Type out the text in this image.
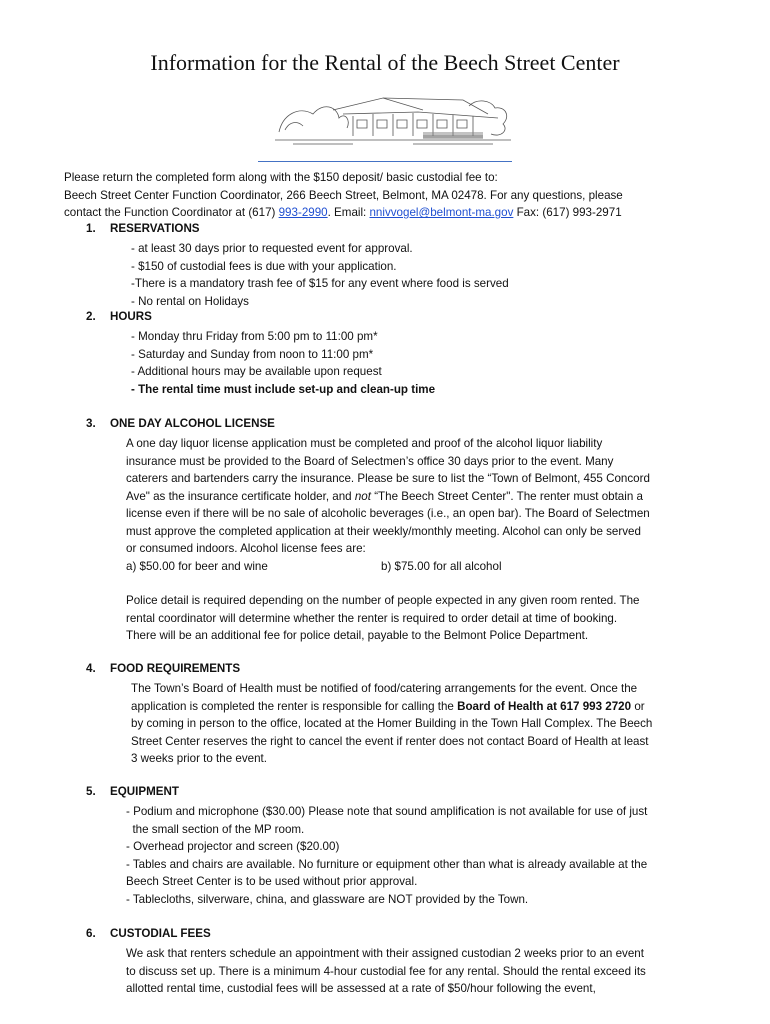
Information for the Rental of the Beech Street Center
Please return the completed form along with the $150 deposit/ basic custodial fee to:
Beech Street Center Function Coordinator, 266 Beech Street, Belmont, MA 02478. For any questions, please
contact the Function Coordinator at (617) 993-2990. Email: nnivvogel@belmont-ma.gov Fax: (617) 993-2971
1. RESERVATIONS
- at least 30 days prior to requested event for approval.
- $150 of custodial fees is due with your application.
-There is a mandatory trash fee of $15 for any event where food is served
- No rental on Holidays
2. HOURS
- Monday thru Friday from 5:00 pm to 11:00 pm*
- Saturday and Sunday from noon to 11:00 pm*
- Additional hours may be available upon request
- The rental time must include set-up and clean-up time
3. ONE DAY ALCOHOL LICENSE
A one day liquor license application must be completed and proof of the alcohol liquor liability
insurance must be provided to the Board of Selectmen’s office 30 days prior to the event. Many
caterers and bartenders carry the insurance. Please be sure to list the “Town of Belmont, 455 Concord
Ave" as the insurance certificate holder, and not “The Beech Street Center". The renter must obtain a
license even if there will be no sale of alcoholic beverages (i.e., an open bar). The Board of Selectmen
must approve the completed application at their weekly/monthly meeting. Alcohol can only be served
or consumed indoors. Alcohol license fees are:
a) $50.00 for beer and wine	b) $75.00 for all alcohol
Police detail is required depending on the number of people expected in any given room rented. The
rental coordinator will determine whether the renter is required to order detail at time of booking.
There will be an additional fee for police detail, payable to the Belmont Police Department.
4. FOOD REQUIREMENTS
The Town’s Board of Health must be notified of food/catering arrangements for the event. Once the
application is completed the renter is responsible for calling the Board of Health at 617 993 2720 or
by coming in person to the office, located at the Homer Building in the Town Hall Complex. The Beech
Street Center reserves the right to cancel the event if renter does not contact Board of Health at least
3 weeks prior to the event.
5. EQUIPMENT
- Podium and microphone ($30.00) Please note that sound amplification is not available for use of just
the small section of the MP room.
- Overhead projector and screen ($20.00)
- Tables and chairs are available. No furniture or equipment other than what is already available at the
Beech Street Center is to be used without prior approval.
- Tablecloths, silverware, china, and glassware are NOT provided by the Town.
6. CUSTODIAL FEES
We ask that renters schedule an appointment with their assigned custodian 2 weeks prior to an event
to discuss set up. There is a minimum 4-hour custodial fee for any rental. Should the rental exceed its
allotted rental time, custodial fees will be assessed at a rate of $50/hour following the event,
